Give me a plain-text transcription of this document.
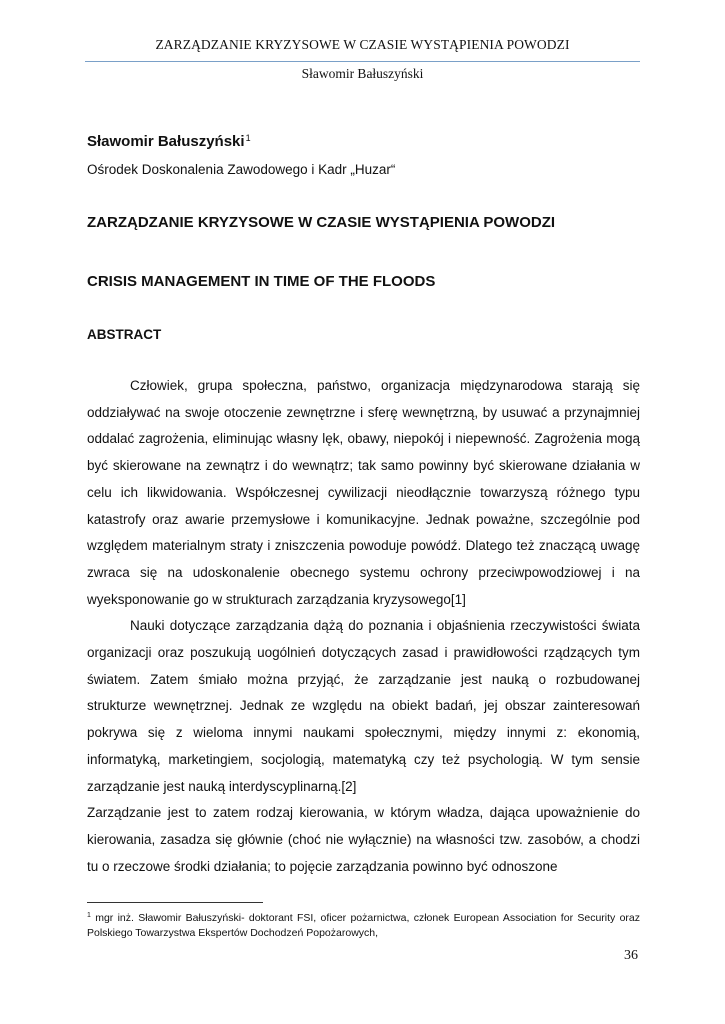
ZARZĄDZANIE KRYZYSOWE W CZASIE WYSTĄPIENIA POWODZI
Sławomir Bałuszyński
Sławomir Bałuszyński$^1$
Ośrodek Doskonalenia Zawodowego i Kadr „Huzar“
ZARZĄDZANIE KRYZYSOWE W CZASIE WYSTĄPIENIA POWODZI
CRISIS MANAGEMENT IN TIME OF THE FLOODS
ABSTRACT

Człowiek, grupa społeczna, państwo, organizacja międzynarodowa starają się oddziaływać na swoje otoczenie zewnętrzne i sferę wewnętrzną, by usuwać a przynajmniej oddalać zagrożenia, eliminując własny lęk, obawy, niepokój i niepewność. Zagrożenia mogą być skierowane na zewnątrz i do wewnątrz; tak samo powinny być skierowane działania w celu ich likwidowania. Współczesnej cywilizacji nieodłącznie towarzyszą różnego typu katastrofy oraz awarie przemysłowe i komunikacyjne. Jednak poważne, szczególnie pod względem materialnym straty i zniszczenia powoduje powódź. Dlatego też znaczącą uwagę zwraca się na udoskonalenie obecnego systemu ochrony przeciwpowodziowej i na wyeksponowanie go w strukturach zarządzania kryzysowego[1]

Nauki dotyczące zarządzania dążą do poznania i objaśnienia rzeczywistości świata organizacji oraz poszukują uogólnień dotyczących zasad i prawidłowości rządzących tym światem. Zatem śmiało można przyjąć, że zarządzanie jest nauką o rozbudowanej strukturze wewnętrznej. Jednak ze względu na obiekt badań, jej obszar zainteresowań pokrywa się z wieloma innymi naukami społecznymi, między innymi z: ekonomią, informatyką, marketingiem, socjologią, matematyką czy też psychologią. W tym sensie zarządzanie jest nauką interdyscyplinarną.[2]

Zarządzanie jest to zatem rodzaj kierowania, w którym władza, dająca upoważnienie do kierowania, zasadza się głównie (choć nie wyłącznie) na własności tzw. zasobów, a chodzi tu o rzeczowe środki działania; to pojęcie zarządzania powinno być odnoszone

$^1$ mgr inż. Sławomir Bałuszyński- doktorant FSI, oficer pożarnictwa, członek European Association for Security oraz Polskiego Towarzystwa Ekspertów Dochodzeń Popożarowych,
36
